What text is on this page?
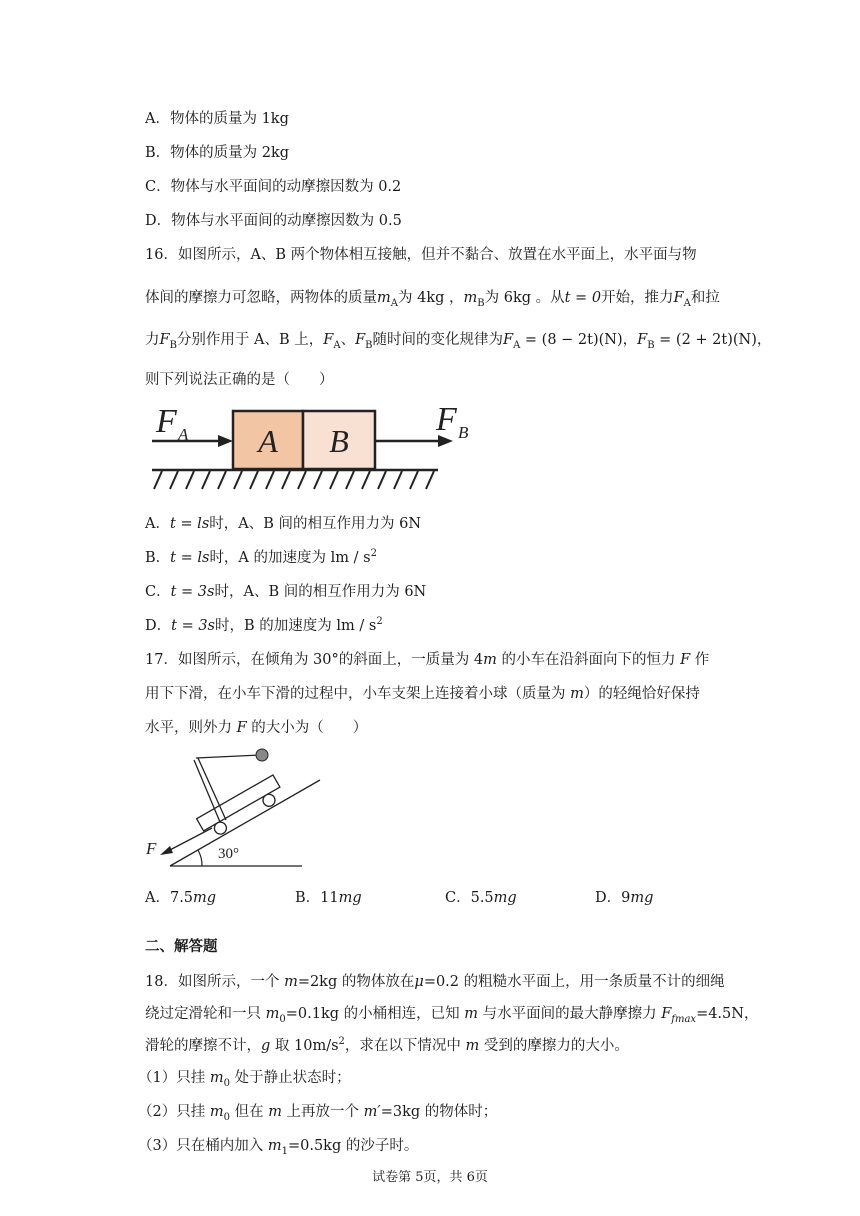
A．物体的质量为 1kg
B．物体的质量为 2kg
C．物体与水平面间的动摩擦因数为 0.2
D．物体与水平面间的动摩擦因数为 0.5
16．如图所示，A、B 两个物体相互接触，但并不黏合、放置在水平面上，水平面与物
体间的摩擦力可忽略，两物体的质量$m_A$为 4kg ，$m_B$为 6kg 。从t = 0开始，推力$F_A$和拉
力$F_B$分别作用于 A、B 上，$F_A$、$F_B$随时间的变化规律为$F_A = (8 - 2t)(N)$，$F_B = (2 + 2t)(N)$，
则下列说法正确的是（　　）
A B
F A	F B
A．t = ls时，A、B 间的相互作用力为 6N
B．t = ls时，A 的加速度为 lm / $s^2$
C．t = 3s时，A、B 间的相互作用力为 6N
D．t = 3s时，B 的加速度为 lm / $s^2$
17．如图所示，在倾角为 30°的斜面上，一质量为 4m 的小车在沿斜面向下的恒力 F 作
用下下滑，在小车下滑的过程中，小车支架上连接着小球（质量为 m）的轻绳恰好保持
水平，则外力 F 的大小为（　　）
30°
F
A．7.5mg	B．11mg	C．5.5mg	D．9mg
二、解答题
18．如图所示，一个 m=2kg 的物体放在μ=0.2 的粗糙水平面上，用一条质量不计的细绳
绕过定滑轮和一只 $m_0=0.1kg$ 的小桶相连，已知 m 与水平面间的最大静摩擦力 $F_{fmax}=4.5N$，
滑轮的摩擦不计，g 取 $10m/s^2$，求在以下情况中 m 受到的摩擦力的大小。
（1）只挂 $m_0$ 处于静止状态时；
（2）只挂 $m_0$ 但在 m 上再放一个 m′=3kg 的物体时；
（3）只在桶内加入 $m_1=0.5kg$ 的沙子时。
试卷第 5页，共 6页
